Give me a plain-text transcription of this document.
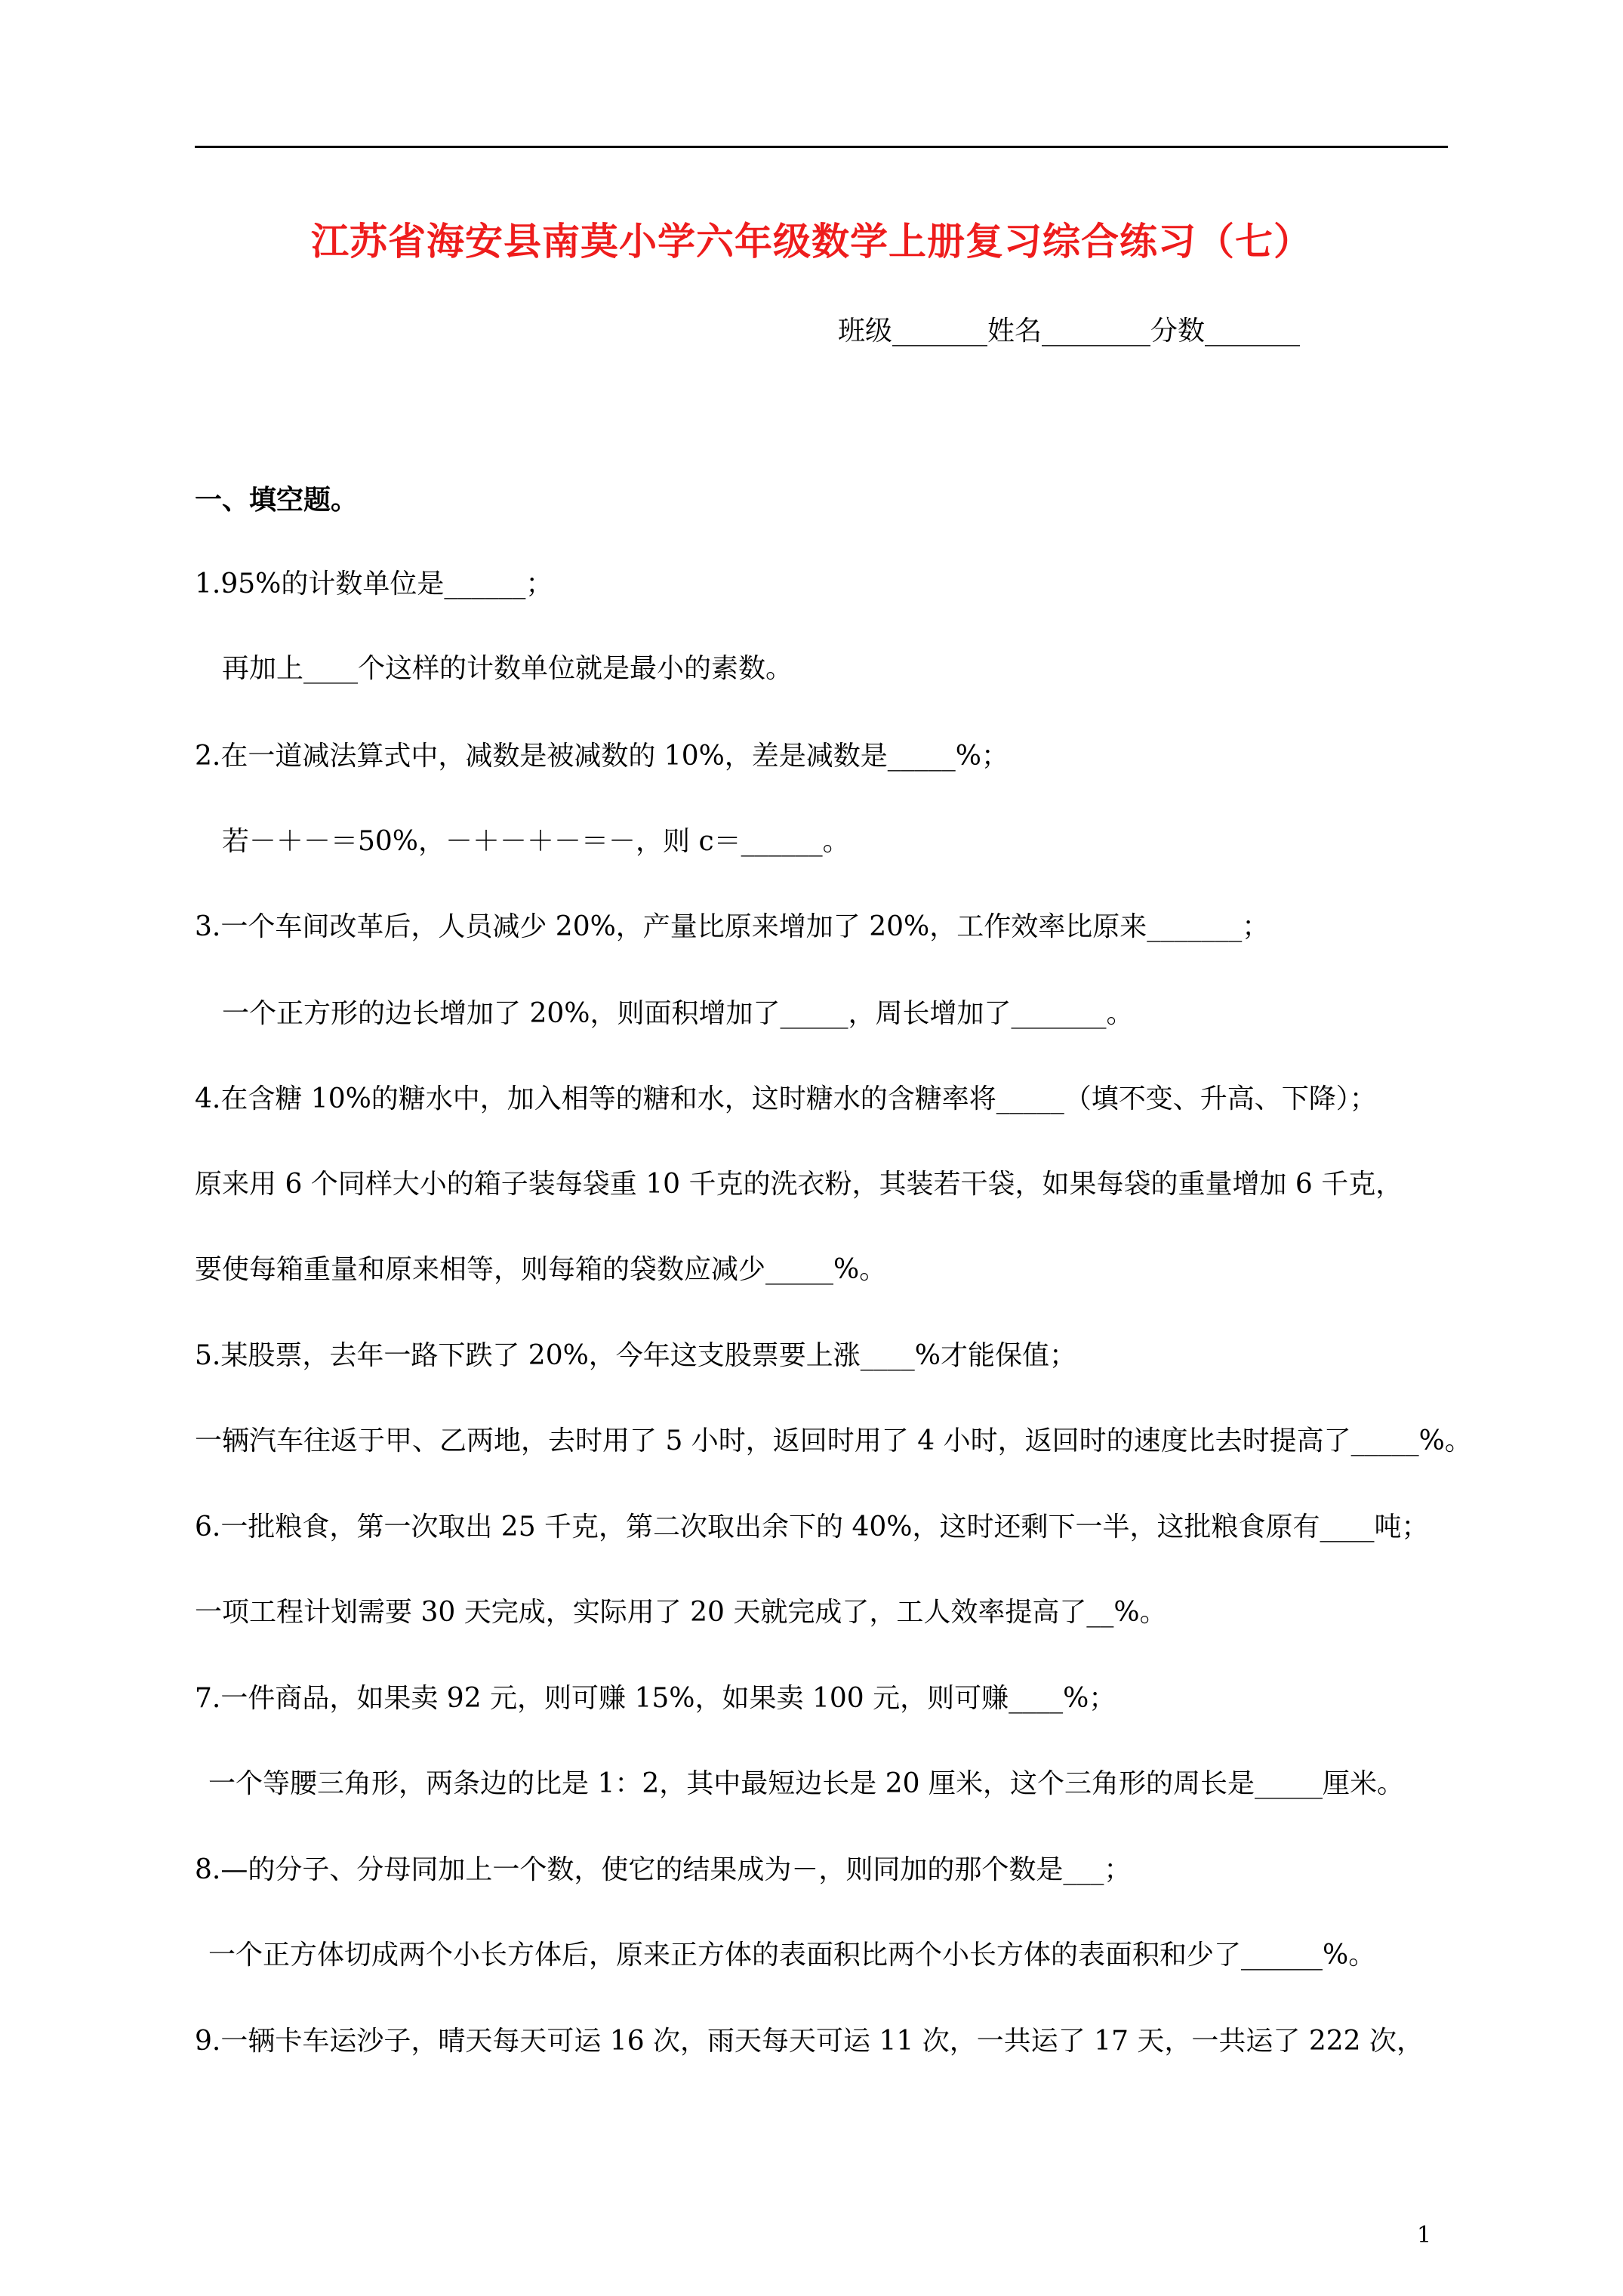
江苏省海安县南莫小学六年级数学上册复习综合练习（七）
班级_______姓名________分数_______
一、填空题。
1.95%的计数单位是______；
再加上____个这样的计数单位就是最小的素数。
2.在一道减法算式中，减数是被减数的 10%，差是减数是_____%；
若－＋－＝50%，－＋－＋－＝－，则 c＝______。
3.一个车间改革后，人员减少 20%，产量比原来增加了 20%，工作效率比原来_______；
一个正方形的边长增加了 20%，则面积增加了_____，周长增加了_______。
4.在含糖 10%的糖水中，加入相等的糖和水，这时糖水的含糖率将_____（填不变、升高、下降）；
原来用 6 个同样大小的箱子装每袋重 10 千克的洗衣粉，其装若干袋，如果每袋的重量增加 6 千克，
要使每箱重量和原来相等，则每箱的袋数应减少_____%。
5.某股票，去年一路下跌了 20%，今年这支股票要上涨____%才能保值；
一辆汽车往返于甲、乙两地，去时用了 5 小时，返回时用了 4 小时，返回时的速度比去时提高了_____%。
6.一批粮食，第一次取出 25 千克，第二次取出余下的 40%，这时还剩下一半，这批粮食原有____吨；
一项工程计划需要 30 天完成，实际用了 20 天就完成了，工人效率提高了__%。
7.一件商品，如果卖 92 元，则可赚 15%，如果卖 100 元，则可赚____%；
一个等腰三角形，两条边的比是 1：2，其中最短边长是 20 厘米，这个三角形的周长是_____厘米。
8.—的分子、分母同加上一个数，使它的结果成为－，则同加的那个数是___；
一个正方体切成两个小长方体后，原来正方体的表面积比两个小长方体的表面积和少了______%。
9.一辆卡车运沙子，晴天每天可运 16 次，雨天每天可运 11 次，一共运了 17 天，一共运了 222 次，
1
